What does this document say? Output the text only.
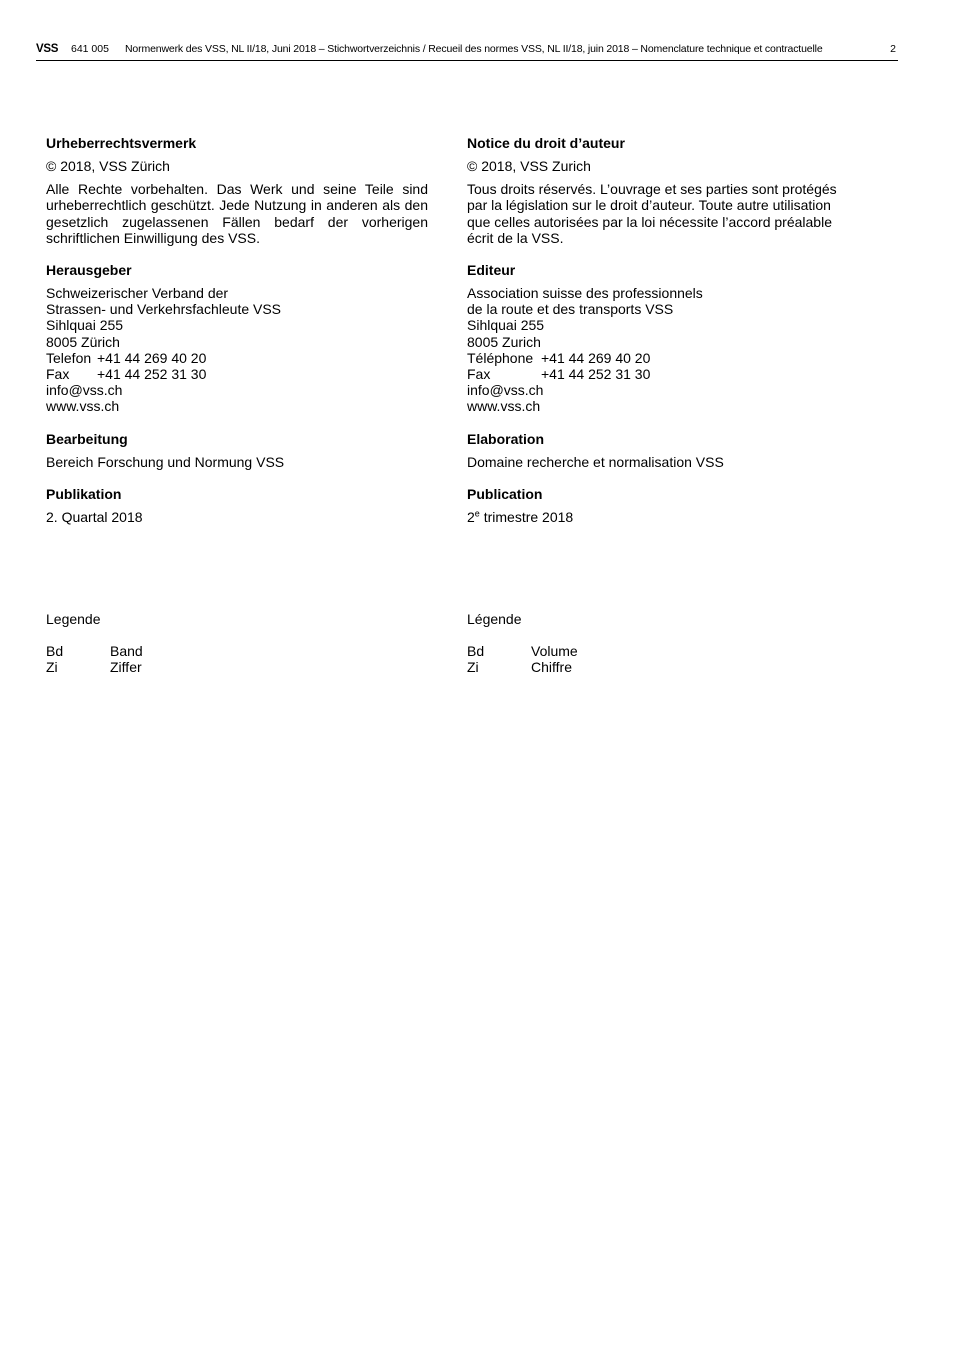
VSS 641 005 Normenwerk des VSS, NL II/18, Juni 2018 – Stichwortverzeichnis / Recueil des normes VSS, NL II/18, juin 2018 – Nomenclature technique et contractuelle	2
Urheberrechtsvermerk
© 2018, VSS Zürich
Alle Rechte vorbehalten. Das Werk und seine Teile sind urheberrechtlich geschützt. Jede Nutzung in anderen als den gesetzlich zugelassenen Fällen bedarf der vorherigen schriftlichen Einwilligung des VSS.
Herausgeber
Schweizerischer Verband der
Strassen- und Verkehrsfachleute VSS
Sihlquai 255
8005 Zürich
Telefon +41 44 269 40 20
Fax +41 44 252 31 30
info@vss.ch
www.vss.ch
Bearbeitung
Bereich Forschung und Normung VSS
Publikation
2. Quartal 2018
Notice du droit d’auteur
© 2018, VSS Zurich
Tous droits réservés. L’ouvrage et ses parties sont protégés par la législation sur le droit d’auteur. Toute autre utilisation que celles autorisées par la loi nécessite l’accord préalable écrit de la VSS.
Editeur
Association suisse des professionnels
de la route et des transports VSS
Sihlquai 255
8005 Zurich
Téléphone +41 44 269 40 20
Fax	+41 44 252 31 30
info@vss.ch
www.vss.ch
Elaboration
Domaine recherche et normalisation VSS
Publication
2e trimestre 2018
Legende
Bd	Band
Zi	Ziffer
Légende
Bd	Volume
Zi	Chiffre
